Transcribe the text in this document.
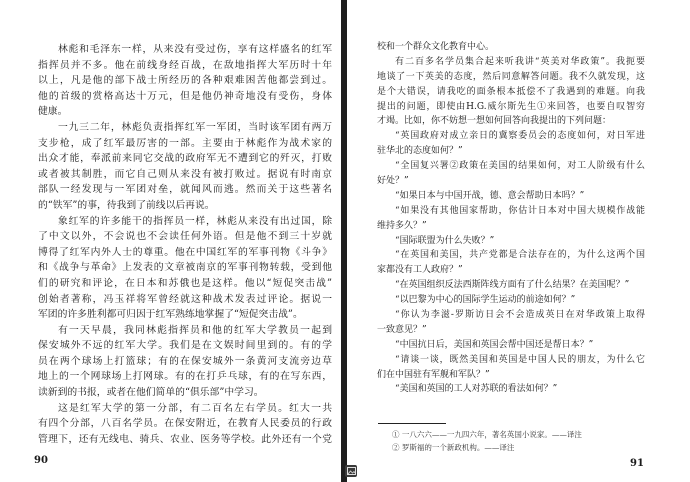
林彪和毛泽东一样，从来没有受过伤，享有这样盛名的红军
指挥员并不多。他在前线身经百战，在敌地指挥大军历时十年
以上，凡是他的部下战士所经历的各种艰难困苦他都尝到过。
他的首级的赏格高达十万元，但是他仍神奇地没有受伤，身体
健康。
一九三二年，林彪负责指挥红军一军团，当时该军团有两万
支步枪，成了红军最厉害的一部。主要由于林彪作为战术家的
出众才能，奉派前来同它交战的政府军无不遭到它的歼灭，打败
或者被其制胜，而它自己则从来没有被打败过。据说有时南京
部队一经发现与一军团对垒，就闻风而逃。然而关于这些著名
的“铁军”的事，待我到了前线以后再说。
象红军的许多能干的指挥员一样，林彪从来没有出过国，除
了中文以外，不会说也不会读任何外语。但是他不到三十岁就
博得了红军内外人士的尊重。他在中国红军的军事刊物《斗争》
和《战争与革命》上发表的文章被南京的军事刊物转载，受到他
们的研究和评论，在日本和苏俄也是这样。他以“短促突击战”
创始者著称，冯玉祥将军曾经就这种战术发表过评论。据说一
军团的许多胜利都可归因于红军熟练地掌握了“短促突击战”。
有一天早晨，我同林彪指挥员和他的红军大学教员一起到
保安城外不远的红军大学。我们是在文娱时间里到的。有的学
员在两个球场上打篮球；有的在保安城外一条黄河支流旁边草
地上的一个网球场上打网球。有的在打乒乓球，有的在写东西，
读新到的书报，或者在他们简单的“俱乐部”中学习。
这是红军大学的第一分部，有二百名左右学员。红大一共
有四个分部，八百名学员。在保安附近，在教育人民委员的行政
管理下，还有无线电、骑兵、农业、医务等学校。此外还有一个党
90
校和一个群众文化教育中心。
有二百多名学员集合起来听我讲“英美对华政策”。我扼要
地谈了一下英美的态度，然后同意解答问题。我不久就发现，这
是个大错误，请我吃的面条根本抵偿不了我遇到的难题。向我
提出的问题，即使由H.G.威尔斯先生①来回答，也要自叹智穷
才竭。比如，你不妨想一想如何回答向我提出的下列问题：
“英国政府对成立亲日的冀察委员会的态度如何，对日军进
驻华北的态度如何？”
“全国复兴署②政策在美国的结果如何，对工人阶级有什么
好处？”
“如果日本与中国开战，德、意会帮助日本吗？”
“如果没有其他国家帮助，你估计日本对中国大规模作战能
维持多久？”
“国际联盟为什么失败？”
“在英国和美国，共产党都是合法存在的，为什么这两个国
家都没有工人政府？”
“在英国组织反法西斯阵线方面有了什么结果？在美国呢？”
“以巴黎为中心的国际学生运动的前途如何？”
“你认为李滋-罗斯访日会不会造成英日在对华政策上取得
一致意见？”
“中国抗日后，美国和英国会帮中国还是帮日本？”
“请谈一谈，既然美国和英国是中国人民的朋友，为什么它
们在中国驻有军舰和军队？”
“美国和英国的工人对苏联的看法如何？”
① 一八六六——一九四六年，著名英国小说家。——译注
② 罗斯福的一个新政机构。——译注
91
